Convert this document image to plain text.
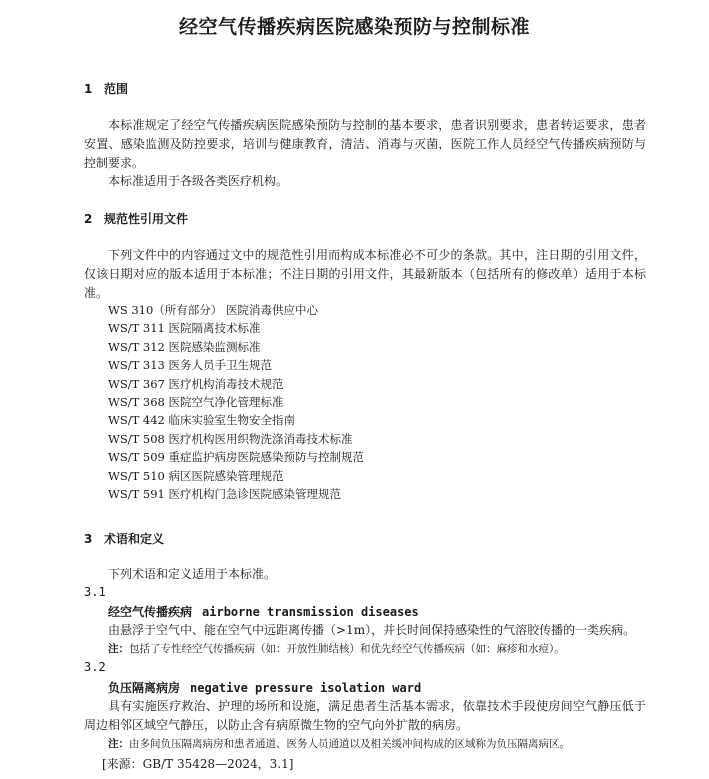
经空气传播疾病医院感染预防与控制标准
1 范围

本标准规定了经空气传播疾病医院感染预防与控制的基本要求，患者识别要求，患者转运要求，患者安置、感染监测及防控要求，培训与健康教育，清洁、消毒与灭菌，医院工作人员经空气传播疾病预防与控制要求。

本标准适用于各级各类医疗机构。

2 规范性引用文件

下列文件中的内容通过文中的规范性引用而构成本标准必不可少的条款。其中，注日期的引用文件，仅该日期对应的版本适用于本标准；不注日期的引用文件，其最新版本（包括所有的修改单）适用于本标准。

WS 310（所有部分） 医院消毒供应中心
WS/T 311 医院隔离技术标准
WS/T 312 医院感染监测标准
WS/T 313 医务人员手卫生规范
WS/T 367 医疗机构消毒技术规范
WS/T 368 医院空气净化管理标准
WS/T 442 临床实验室生物安全指南
WS/T 508 医疗机构医用织物洗涤消毒技术标准
WS/T 509 重症监护病房医院感染预防与控制规范
WS/T 510 病区医院感染管理规范
WS/T 591 医疗机构门急诊医院感染管理规范
3 术语和定义

下列术语和定义适用于本标准。

3.1
经空气传播疾病 airborne transmission diseases

由悬浮于空气中、能在空气中远距离传播（>1m），并长时间保持感染性的气溶胶传播的一类疾病。

注：包括了专性经空气传播疾病（如：开放性肺结核）和优先经空气传播疾病（如：麻疹和水痘）。
3.2
负压隔离病房 negative pressure isolation ward

具有实施医疗救治、护理的场所和设施，满足患者生活基本需求，依靠技术手段使房间空气静压低于周边相邻区域空气静压，以防止含有病原微生物的空气向外扩散的病房。

注：由多间负压隔离病房和患者通道、医务人员通道以及相关缓冲间构成的区域称为负压隔离病区。
[来源：GB/T 35428—2024，3.1]
